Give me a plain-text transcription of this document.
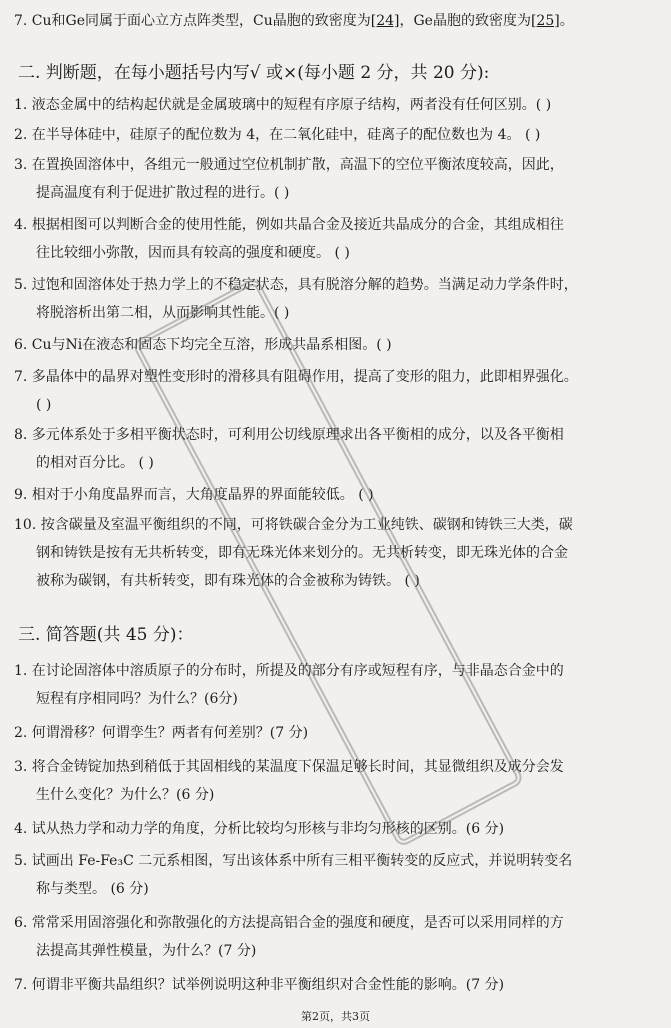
7. Cu和Ge同属于面心立方点阵类型，Cu晶胞的致密度为[24]，Ge晶胞的致密度为[25]。
二. 判断题，在每小题括号内写√ 或×(每小题 2 分，共 20 分):
1. 液态金属中的结构起伏就是金属玻璃中的短程有序原子结构，两者没有任何区别。( )
2. 在半导体硅中，硅原子的配位数为 4，在二氧化硅中，硅离子的配位数也为 4。 ( )
3. 在置换固溶体中，各组元一般通过空位机制扩散，高温下的空位平衡浓度较高，因此，
提高温度有利于促进扩散过程的进行。( )
4. 根据相图可以判断合金的使用性能，例如共晶合金及接近共晶成分的合金，其组成相往
往比较细小弥散，因而具有较高的强度和硬度。 ( )
5. 过饱和固溶体处于热力学上的不稳定状态，具有脱溶分解的趋势。当满足动力学条件时，
将脱溶析出第二相，从而影响其性能。( )
6. Cu与Ni在液态和固态下均完全互溶，形成共晶系相图。( )
7. 多晶体中的晶界对塑性变形时的滑移具有阻碍作用，提高了变形的阻力，此即相界强化。
( )
8. 多元体系处于多相平衡状态时，可利用公切线原理求出各平衡相的成分，以及各平衡相
的相对百分比。 ( )
9. 相对于小角度晶界而言，大角度晶界的界面能较低。 ( )
10. 按含碳量及室温平衡组织的不同，可将铁碳合金分为工业纯铁、碳钢和铸铁三大类，碳
钢和铸铁是按有无共析转变，即有无珠光体来划分的。无共析转变，即无珠光体的合金
被称为碳钢，有共析转变，即有珠光体的合金被称为铸铁。 ( )
三. 简答题(共 45 分)：
1. 在讨论固溶体中溶质原子的分布时，所提及的部分有序或短程有序，与非晶态合金中的
短程有序相同吗？为什么？(6分)
2. 何谓滑移？何谓孪生？两者有何差别？(7 分)
3. 将合金铸锭加热到稍低于其固相线的某温度下保温足够长时间，其显微组织及成分会发
生什么变化？为什么？(6 分)
4. 试从热力学和动力学的角度，分析比较均匀形核与非均匀形核的区别。(6 分)
5. 试画出 Fe-Fe₃C 二元系相图，写出该体系中所有三相平衡转变的反应式，并说明转变名
称与类型。 (6 分)
6. 常常采用固溶强化和弥散强化的方法提高铝合金的强度和硬度，是否可以采用同样的方
法提高其弹性模量，为什么？(7 分)
7. 何谓非平衡共晶组织？试举例说明这种非平衡组织对合金性能的影响。(7 分)
第2页，共3页
